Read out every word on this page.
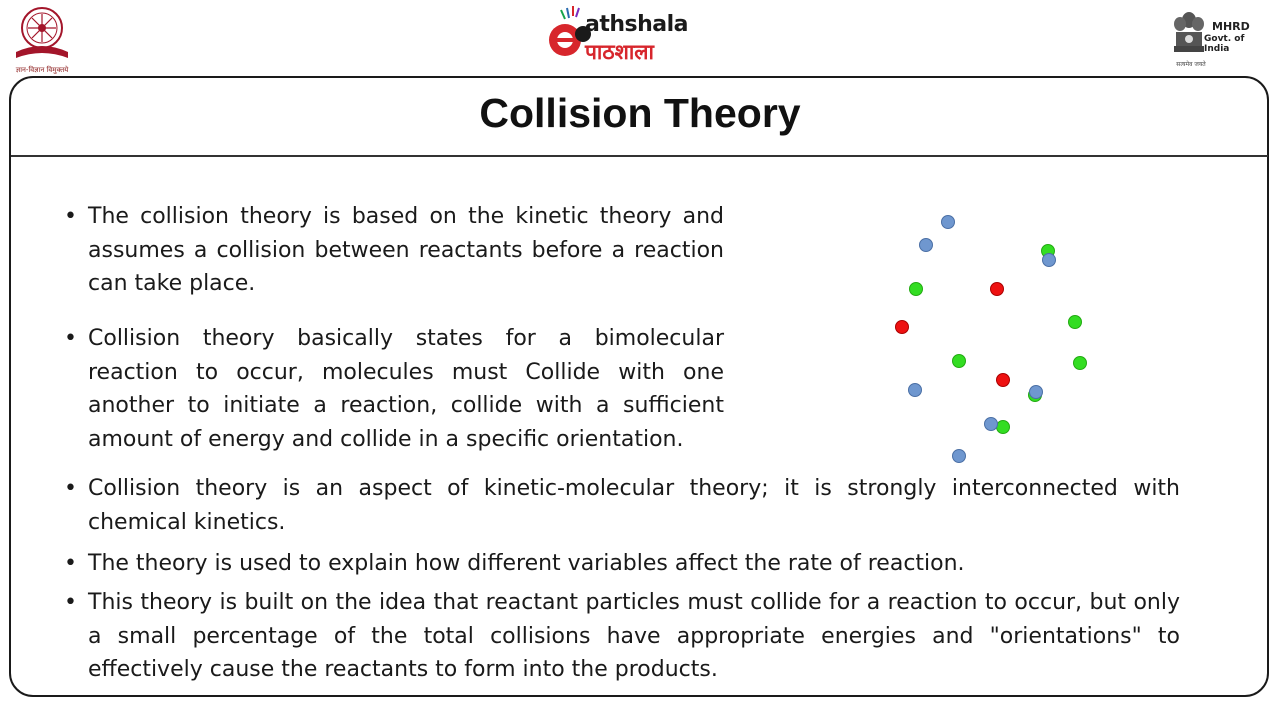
ज्ञान-विज्ञान विमुक्तये
athshala
पाठशाला
MHRD
Govt. of India
सत्यमेव जयते
Collision Theory
• The collision theory is based on the kinetic theory and assumes a collision between reactants before a reaction can take place.
• Collision theory basically states for a bimolecular reaction to occur, molecules must Collide with one another to initiate a reaction, collide with a sufficient amount of energy and collide in a specific orientation.
• Collision theory is an aspect of kinetic-molecular theory; it is strongly interconnected with chemical kinetics.
• The theory is used to explain how different variables affect the rate of reaction.
• This theory is built on the idea that reactant particles must collide for a reaction to occur, but only a small percentage of the total collisions have appropriate energies and "orientations" to effectively cause the reactants to form into the products.
